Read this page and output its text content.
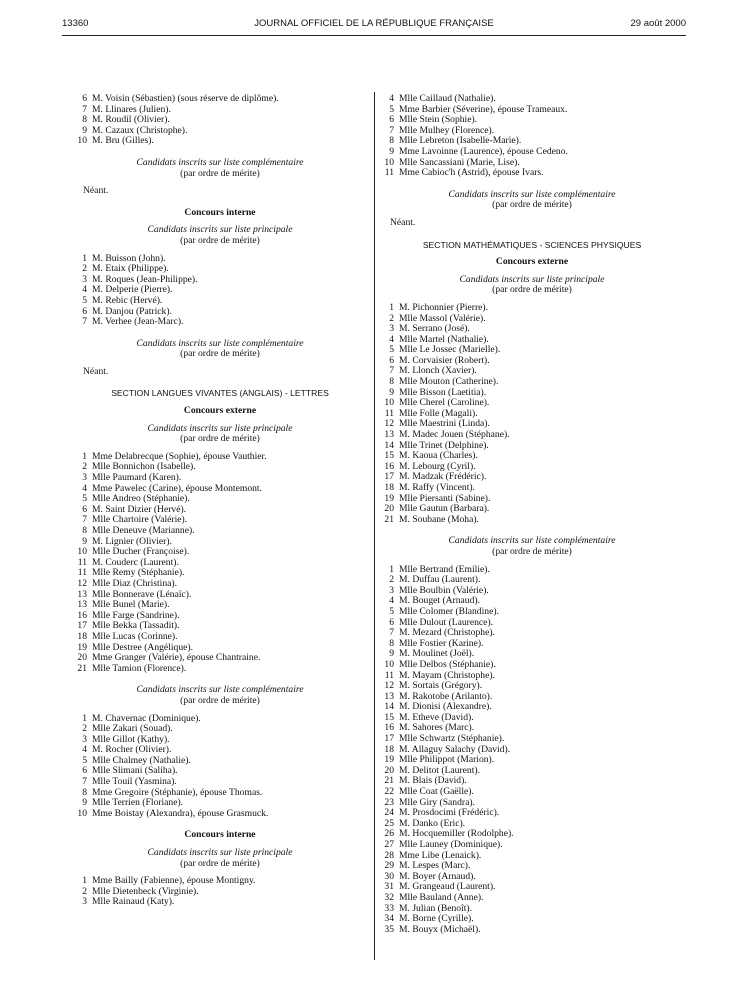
13360	JOURNAL OFFICIEL DE LA RÉPUBLIQUE FRANÇAISE	29 août 2000
6 M. Voisin (Sébastien) (sous réserve de diplôme).
7 M. Llinares (Julien).
8 M. Roudil (Olivier).
9 M. Cazaux (Christophe).
10 M. Bru (Gilles).
Candidats inscrits sur liste complémentaire
(par ordre de mérite)
Néant.
Concours interne
Candidats inscrits sur liste principale
(par ordre de mérite)
1 M. Buisson (John).
2 M. Etaix (Philippe).
3 M. Roques (Jean-Philippe).
4 M. Delperie (Pierre).
5 M. Rebic (Hervé).
6 M. Danjou (Patrick).
7 M. Verhee (Jean-Marc).
Candidats inscrits sur liste complémentaire
(par ordre de mérite)
Néant.
SECTION LANGUES VIVANTES (ANGLAIS) - LETTRES
Concours externe
Candidats inscrits sur liste principale
(par ordre de mérite)
1 Mme Delabrecque (Sophie), épouse Vauthier.
2 Mlle Bonnichon (Isabelle).
3 Mlle Paumard (Karen).
4 Mme Pawelec (Carine), épouse Montemont.
5 Mlle Andreo (Stéphanie).
6 M. Saint Dizier (Hervé).
7 Mlle Chartoire (Valérie).
8 Mlle Deneuve (Marianne).
9 M. Lignier (Olivier).
10 Mlle Ducher (Françoise).
11 M. Couderc (Laurent).
11 Mlle Remy (Stéphanie).
12 Mlle Diaz (Christina).
13 Mlle Bonnerave (Lénaïc).
13 Mlle Bunel (Marie).
16 Mlle Farge (Sandrine).
17 Mlle Bekka (Tassadit).
18 Mlle Lucas (Corinne).
19 Mlle Destree (Angélique).
20 Mme Granger (Valérie), épouse Chantraine.
21 Mlle Tamion (Florence).
Candidats inscrits sur liste complémentaire
(par ordre de mérite)
1 M. Chavernac (Dominique).
2 Mlle Zakari (Souad).
3 Mlle Gillot (Kathy).
4 M. Rocher (Olivier).
5 Mlle Chalmey (Nathalie).
6 Mlle Slimani (Saliha).
7 Mlle Touil (Yasmina).
8 Mme Gregoire (Stéphanie), épouse Thomas.
9 Mlle Terrien (Floriane).
10 Mme Boistay (Alexandra), épouse Grasmuck.
Concours interne
Candidats inscrits sur liste principale
(par ordre de mérite)
1 Mme Bailly (Fabienne), épouse Montigny.
2 Mlle Dietenbeck (Virginie).
3 Mlle Rainaud (Katy).
4 Mlle Caillaud (Nathalie).
5 Mme Barbier (Séverine), épouse Trameaux.
6 Mlle Stein (Sophie).
7 Mlle Mulhey (Florence).
8 Mlle Lebreton (Isabelle-Marie).
9 Mme Lavoinne (Laurence), épouse Cedeno.
10 Mlle Sancassiani (Marie, Lise).
11 Mme Cabioc'h (Astrid), épouse Ivars.
Candidats inscrits sur liste complémentaire
(par ordre de mérite)
Néant.
SECTION MATHÉMATIQUES - SCIENCES PHYSIQUES
Concours externe
Candidats inscrits sur liste principale
(par ordre de mérite)
1 M. Pichonnier (Pierre).
2 Mlle Massol (Valérie).
3 M. Serrano (José).
4 Mlle Martel (Nathalie).
5 Mlle Le Jossec (Marielle).
6 M. Corvaisier (Robert).
7 M. Llonch (Xavier).
8 Mlle Mouton (Catherine).
9 Mlle Bisson (Laetitia).
10 Mlle Cherel (Caroline).
11 Mlle Folle (Magali).
12 Mlle Maestrini (Linda).
13 M. Madec Jouen (Stéphane).
14 Mlle Trinet (Delphine).
15 M. Kaoua (Charles).
16 M. Lebourg (Cyril).
17 M. Madzak (Frédéric).
18 M. Raffy (Vincent).
19 Mlle Piersanti (Sabine).
20 Mlle Gautun (Barbara).
21 M. Soubane (Moha).
Candidats inscrits sur liste complémentaire
(par ordre de mérite)
1 Mlle Bertrand (Emilie).
2 M. Duffau (Laurent).
3 Mlle Boulbin (Valérie).
4 M. Bouget (Arnaud).
5 Mlle Colomer (Blandine).
6 Mlle Dulout (Laurence).
7 M. Mezard (Christophe).
8 Mlle Fostier (Karine).
9 M. Moulinet (Joël).
10 Mlle Delbos (Stéphanie).
11 M. Mayam (Christophe).
12 M. Sortais (Grégory).
13 M. Rakotobe (Arilanto).
14 M. Dionisi (Alexandre).
15 M. Etheve (David).
16 M. Sahores (Marc).
17 Mlle Schwartz (Stéphanie).
18 M. Allaguy Salachy (David).
19 Mlle Philippot (Marion).
20 M. Delitot (Laurent).
21 M. Blais (David).
22 Mlle Coat (Gaëlle).
23 Mlle Giry (Sandra).
24 M. Prosdocimi (Frédéric).
25 M. Danko (Eric).
26 M. Hocquemiller (Rodolphe).
27 Mlle Launey (Dominique).
28 Mme Libe (Lenaick).
29 M. Lespes (Marc).
30 M. Boyer (Arnaud).
31 M. Grangeaud (Laurent).
32 Mlle Bauland (Anne).
33 M. Julian (Benoît).
34 M. Borne (Cyrille).
35 M. Bouyx (Michaël).
